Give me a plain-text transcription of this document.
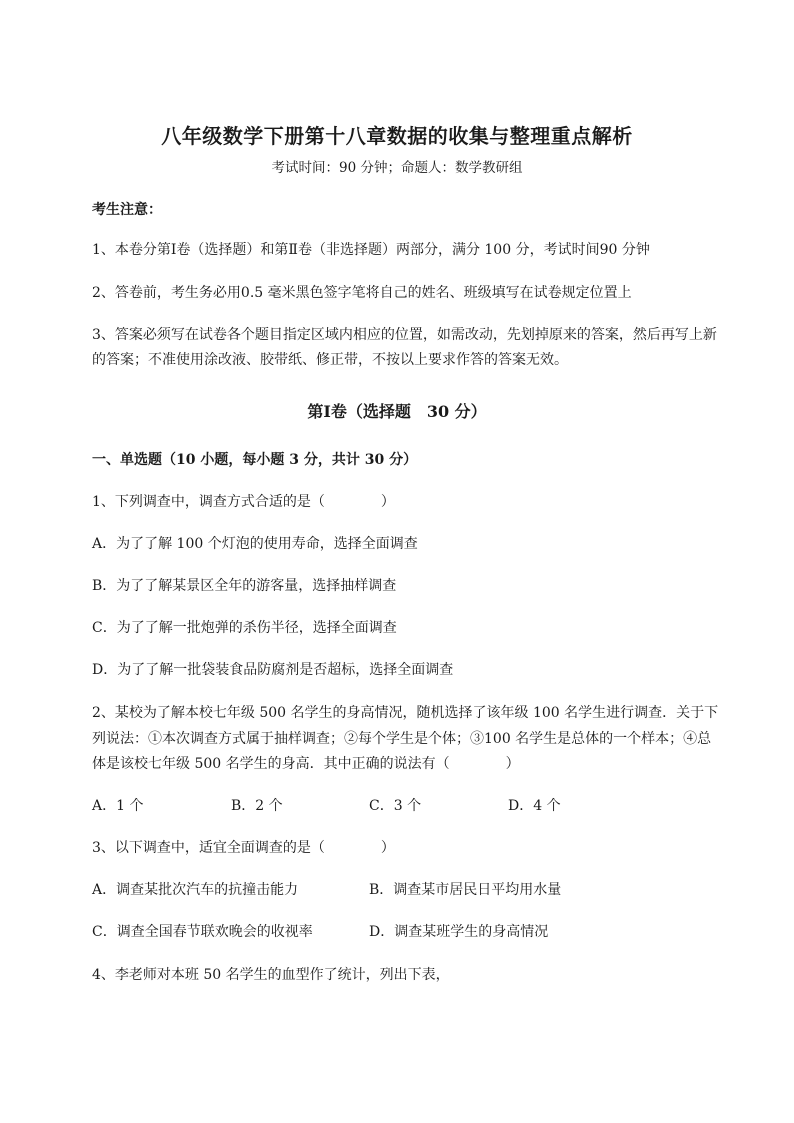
八年级数学下册第十八章数据的收集与整理重点解析
考试时间：90 分钟；命题人：数学教研组
考生注意：
1、本卷分第Ⅰ卷（选择题）和第Ⅱ卷（非选择题）两部分，满分 100 分，考试时间90 分钟
2、答卷前，考生务必用0.5 毫米黑色签字笔将自己的姓名、班级填写在试卷规定位置上
3、答案必须写在试卷各个题目指定区域内相应的位置，如需改动，先划掉原来的答案，然后再写上新
的答案；不准使用涂改液、胶带纸、修正带，不按以上要求作答的答案无效。
第Ⅰ卷（选择题　30 分）
一、单选题（10 小题，每小题 3 分，共计 30 分）
1、下列调查中，调查方式合适的是（　　　　）
A．为了了解 100 个灯泡的使用寿命，选择全面调查
B．为了了解某景区全年的游客量，选择抽样调查
C．为了了解一批炮弹的杀伤半径，选择全面调查
D．为了了解一批袋装食品防腐剂是否超标，选择全面调查
2、某校为了解本校七年级 500 名学生的身高情况，随机选择了该年级 100 名学生进行调查．关于下
列说法：①本次调查方式属于抽样调查；②每个学生是个体；③100 名学生是总体的一个样本；④总
体是该校七年级 500 名学生的身高．其中正确的说法有（　　　　）
A．1 个	B．2 个	C．3 个	D．4 个
3、以下调查中，适宜全面调查的是（　　　　）
A．调查某批次汽车的抗撞击能力	B．调查某市居民日平均用水量
C．调查全国春节联欢晚会的收视率	D．调查某班学生的身高情况
4、李老师对本班 50 名学生的血型作了统计，列出下表，
